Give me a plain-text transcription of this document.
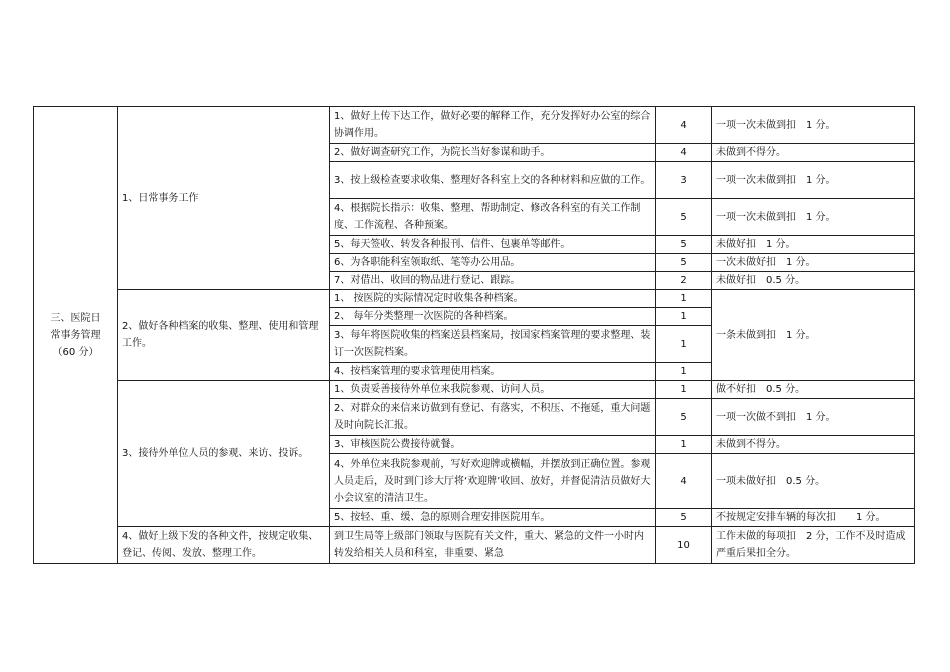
三、医院日
常事务管理
（60 分）	1、日常事务工作	1、做好上传下达工作，做好必要的解释工作，充分发挥好办公室的综合协调作用。	4	一项一次未做到扣　1 分。
		2、做好调查研究工作，为院长当好参谋和助手。	4	未做到不得分。
		3、按上级检查要求收集、整理好各科室上交的各种材料和应做的工作。	3	一项一次未做到扣　1 分。
		4、根据院长指示：收集、整理、帮助制定、修改各科室的有关工作制度、工作流程、各种预案。	5	一项一次未做到扣　1 分。
		5、每天签收、转发各种报刊、信件、包裹单等邮件。	5	未做好扣　1 分。
		6、为各职能科室领取纸、笔等办公用品。	5	一次未做好扣　1 分。
		7、对借出、收回的物品进行登记、跟踪。	2	未做好扣　0.5 分。
	2、做好各种档案的收集、整理、使用和管理工作。	1、 按医院的实际情况定时收集各种档案。	1	一条未做到扣　1 分。
		2、 每年分类整理一次医院的各种档案。	1	
		3、每年将医院收集的档案送县档案局，按国家档案管理的要求整理、装订一次医院档案。	1	
		4、按档案管理的要求管理使用档案。	1	
	3、接待外单位人员的参观、来访、投诉。	1、负责妥善接待外单位来我院参观、访问人员。	1	做不好扣　0.5 分。
		2、对群众的来信来访做到有登记、有落实，不积压、不拖延，重大问题及时向院长汇报。	5	一项一次做不到扣　1 分。
		3、审核医院公费接待就餐。	1	未做到不得分。
		4、外单位来我院参观前，写好欢迎牌或横幅，并摆放到正确位置。参观人员走后，及时到门诊大厅将‘欢迎牌’收回、放好，并督促清洁员做好大小会议室的清洁卫生。	4	一项未做好扣　0.5 分。
		5、按轻、重、缓、急的原则合理安排医院用车。	5	不按规定安排车辆的每次扣　　1 分。
	4、做好上级下发的各种文件，按规定收集、登记、传阅、发放、整理工作。	到卫生局等上级部门领取与医院有关文件，重大、紧急的文件一小时内转发给相关人员和科室，非重要、紧急	10	工作未做的每项扣　2 分，工作不及时造成严重后果扣全分。
